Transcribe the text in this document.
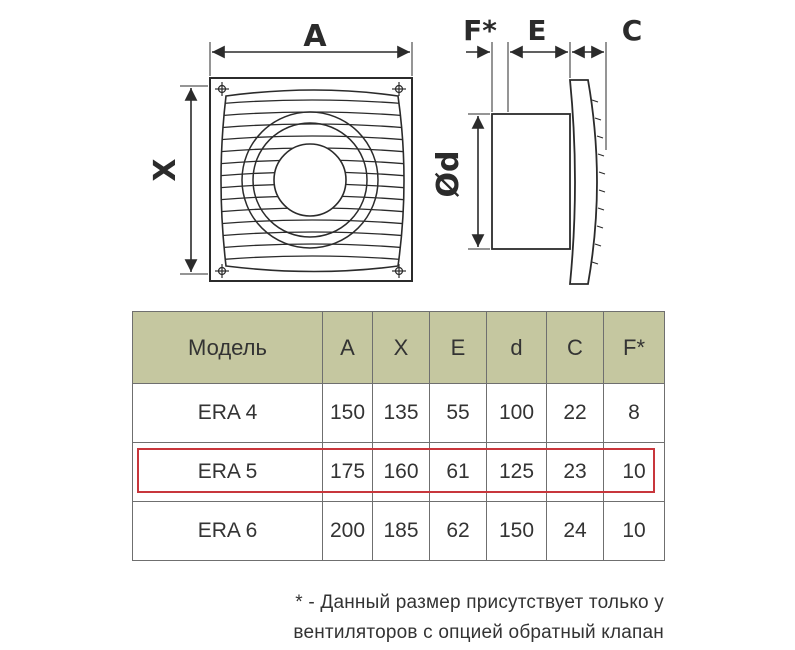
A
X
F* E	C
Ød
Модель	A	X	E	d	C	F*
ERA 4	150	135	55	100	22	8
ERA 5	175	160	61	125	23	10
ERA 6	200	185	62	150	24	10
* - Данный размер присутствует только у
вентиляторов с опцией обратный клапан
